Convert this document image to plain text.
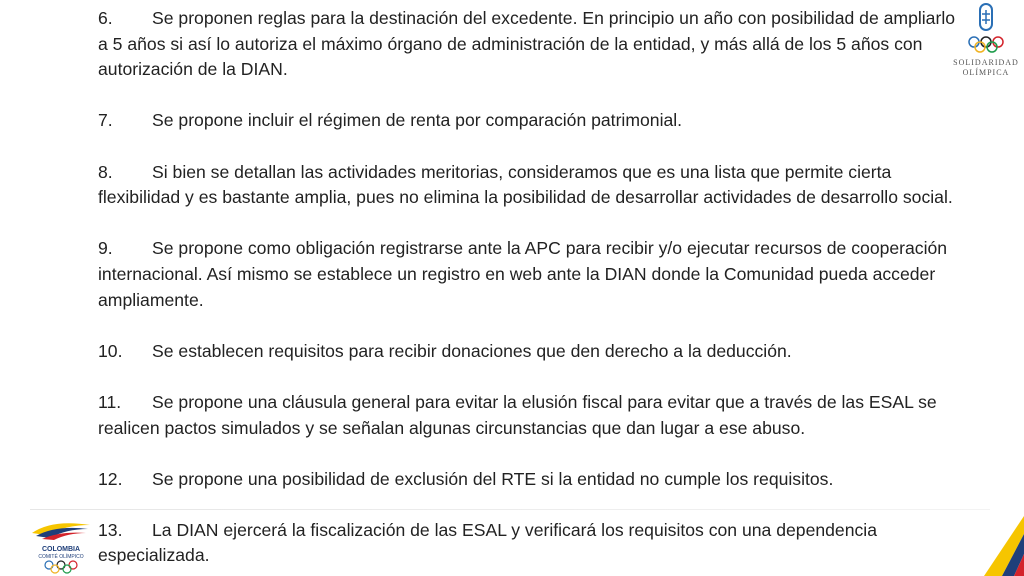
SOLIDARIDAD
OLÍMPICA
6. Se proponen reglas para la destinación del excedente. En principio un año con posibilidad de ampliarlo a 5 años si así lo autoriza el máximo órgano de administración de la entidad, y más allá de los 5 años con autorización de la DIAN.
7. Se propone incluir el régimen de renta por comparación patrimonial.
8. Si bien se detallan las actividades meritorias, consideramos que es una lista que permite cierta flexibilidad y es bastante amplia, pues no elimina la posibilidad de desarrollar actividades de desarrollo social.
9. Se propone como obligación registrarse ante la APC para recibir y/o ejecutar recursos de cooperación internacional. Así mismo se establece un registro en web ante la DIAN donde la Comunidad pueda acceder ampliamente.
10. Se establecen requisitos para recibir donaciones que den derecho a la deducción.
11. Se propone una cláusula general para evitar la elusión fiscal para evitar que a través de las ESAL se realicen pactos simulados y se señalan algunas circunstancias que dan lugar a ese abuso.
12. Se propone una posibilidad de exclusión del RTE si la entidad no cumple los requisitos.
13. La DIAN ejercerá la fiscalización de las ESAL y verificará los requisitos con una dependencia especializada.
COLOMBIA
COMITÉ OLÍMPICO
